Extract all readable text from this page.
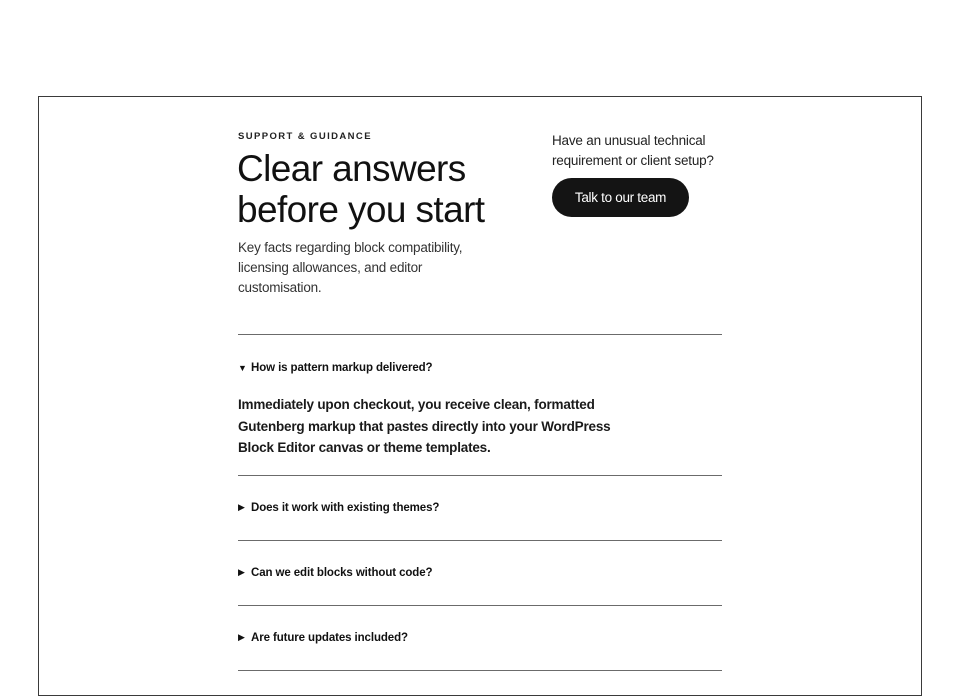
SUPPORT & GUIDANCE
Clear answers before you start

Key facts regarding block compatibility, licensing allowances, and editor customisation.

Have an unusual technical requirement or client setup?

Talk to our team
▼ How is pattern markup delivered?

Immediately upon checkout, you receive clean, formatted Gutenberg markup that pastes directly into your WordPress Block Editor canvas or theme templates.

▶ Does it work with existing themes?
▶ Can we edit blocks without code?
▶ Are future updates included?
